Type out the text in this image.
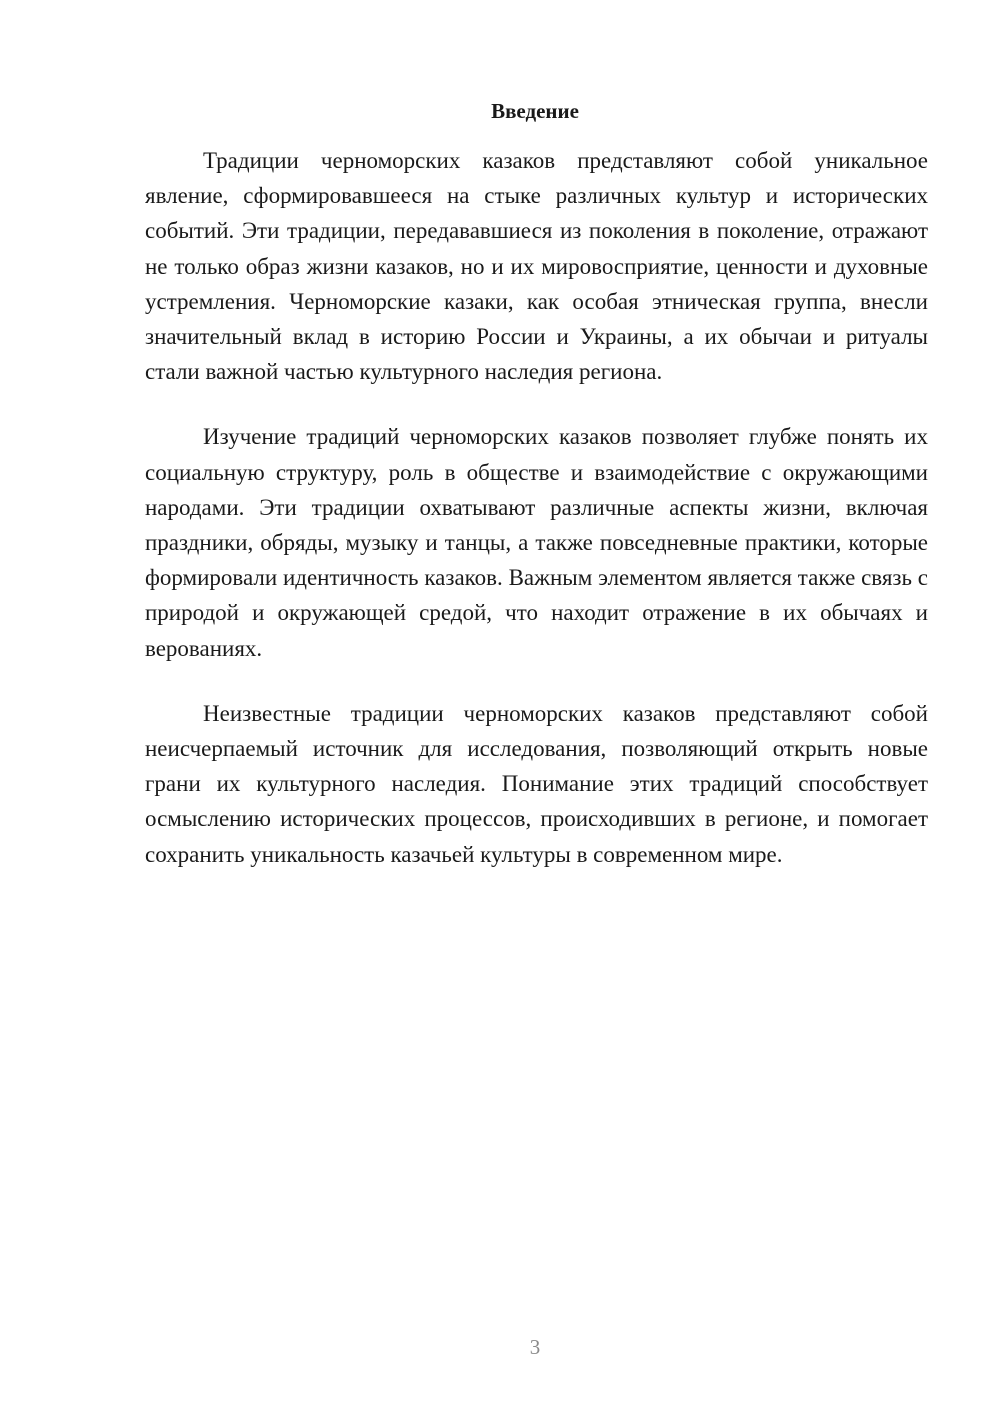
Введение

Традиции черноморских казаков представляют собой уникальное явление, сформировавшееся на стыке различных культур и исторических событий. Эти традиции, передававшиеся из поколения в поколение, отражают не только образ жизни казаков, но и их мировосприятие, ценности и духовные устремления. Черноморские казаки, как особая этническая группа, внесли значительный вклад в историю России и Украины, а их обычаи и ритуалы стали важной частью культурного наследия региона.

Изучение традиций черноморских казаков позволяет глубже понять их социальную структуру, роль в обществе и взаимодействие с окружающими народами. Эти традиции охватывают различные аспекты жизни, включая праздники, обряды, музыку и танцы, а также повседневные практики, которые формировали идентичность казаков. Важным элементом является также связь с природой и окружающей средой, что находит отражение в их обычаях и верованиях.

Неизвестные традиции черноморских казаков представляют собой неисчерпаемый источник для исследования, позволяющий открыть новые грани их культурного наследия. Понимание этих традиций способствует осмыслению исторических процессов, происходивших в регионе, и помогает сохранить уникальность казачьей культуры в современном мире.

3
